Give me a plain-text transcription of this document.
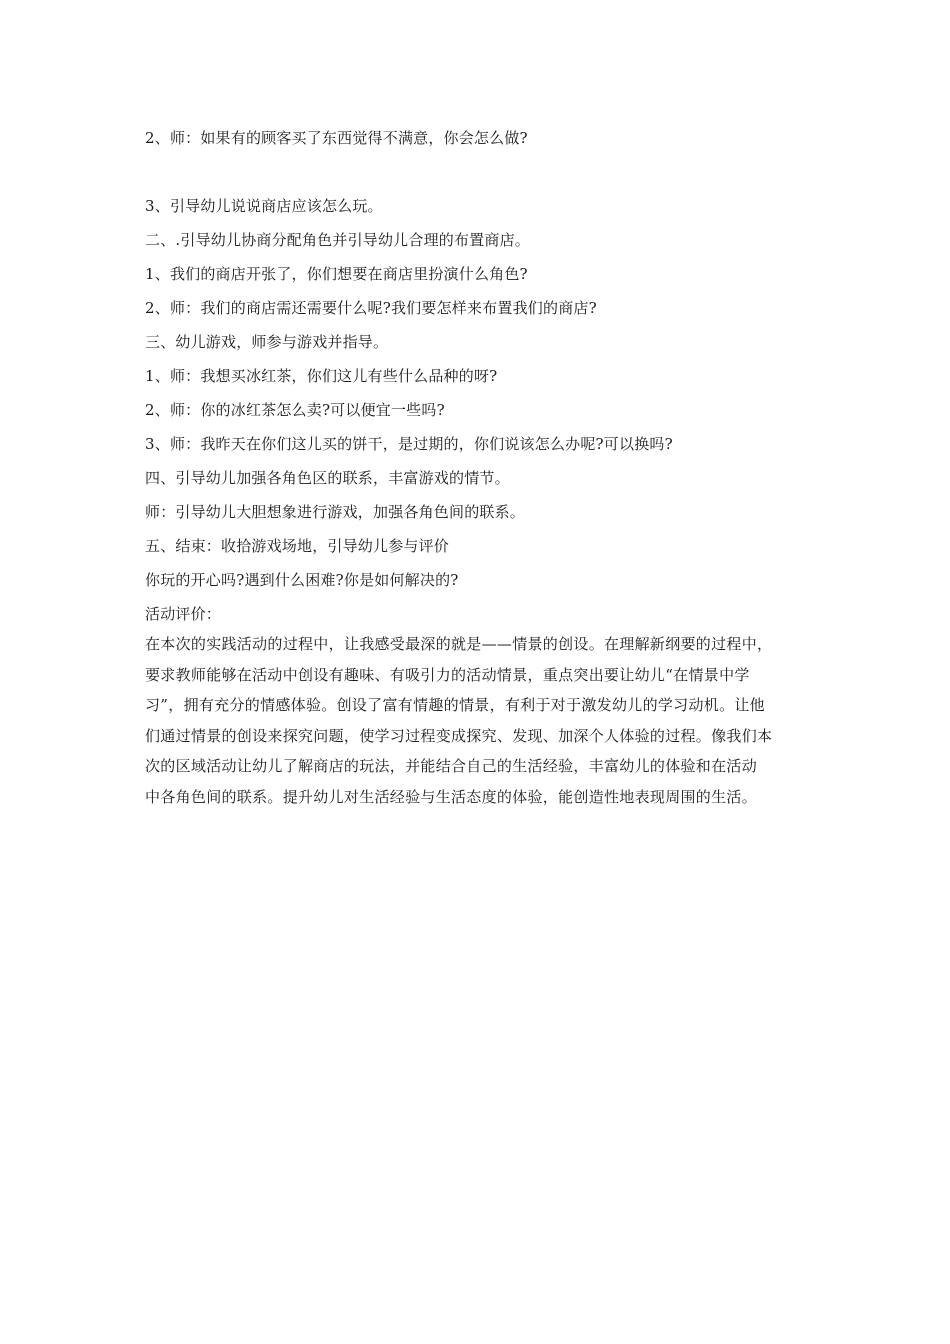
2、师：如果有的顾客买了东西觉得不满意，你会怎么做?
3、引导幼儿说说商店应该怎么玩。
二、.引导幼儿协商分配角色并引导幼儿合理的布置商店。
1、我们的商店开张了，你们想要在商店里扮演什么角色?
2、师：我们的商店需还需要什么呢?我们要怎样来布置我们的商店?
三、幼儿游戏，师参与游戏并指导。
1、师：我想买冰红茶，你们这儿有些什么品种的呀?
2、师：你的冰红茶怎么卖?可以便宜一些吗?
3、师：我昨天在你们这儿买的饼干，是过期的，你们说该怎么办呢?可以换吗?
四、引导幼儿加强各角色区的联系，丰富游戏的情节。
师：引导幼儿大胆想象进行游戏，加强各角色间的联系。
五、结束：收拾游戏场地，引导幼儿参与评价
你玩的开心吗?遇到什么困难?你是如何解决的?
活动评价：
在本次的实践活动的过程中，让我感受最深的就是——情景的创设。在理解新纲要的过程中，
要求教师能够在活动中创设有趣味、有吸引力的活动情景，重点突出要让幼儿“在情景中学
习”，拥有充分的情感体验。创设了富有情趣的情景，有利于对于激发幼儿的学习动机。让他
们通过情景的创设来探究问题，使学习过程变成探究、发现、加深个人体验的过程。像我们本
次的区域活动让幼儿了解商店的玩法，并能结合自己的生活经验，丰富幼儿的体验和在活动
中各角色间的联系。提升幼儿对生活经验与生活态度的体验，能创造性地表现周围的生活。
